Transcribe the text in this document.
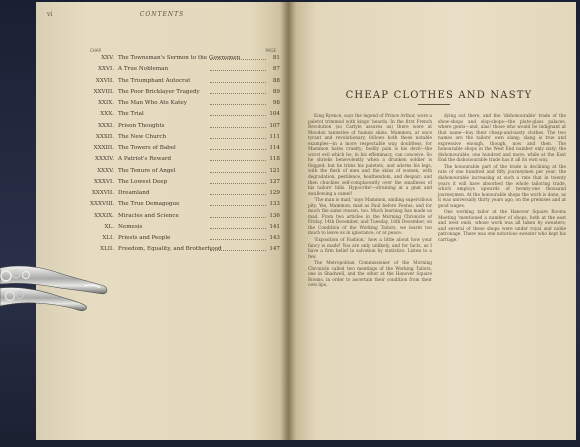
vi	CONTENTS
CHAP.	PAGE
XXV. The Townsman's Sermon to the Gownsmen	81
XXVI. A True Nobleman	87
XXVII. The Triumphant Autocrat	88
XXVIII. The Poor Bricklayer Tragedy	89
XXIX. The Man Who Ate Katey	98
XXX. The Trial	104
XXXI. Prison Thoughts	107
XXXII. The New Church	111
XXXIII. The Towers of Babel	114
XXXIV. A Patriot's Reward	118
XXXV. The Tenure of Angel	121
XXXVI. The Lowest Deep	127
XXXVII. Dreamland	129
XXXVIII. The True Demagogue	133
XXXIX. Miracles and Science	136
XL. Nemesis	141
XLI. Priests and People	143
XLII. Freedom, Equality, and Brotherhood	147
CHEAP CLOTHES AND NASTY

King Ryence, says the legend of Prince Arthur, wore a paletot trimmed with kings' beards. In the first French Revolution (so Carlyle assures us) there were at Meudon tanneries of human skins. Mammon, at once tyrant and revolutionary, follows both these notable examples—in a more respectable way, doubtless, for Mammon hates cruelty; bodily pain is his devil—the worst evil which he, in his effeminacy, can conceive. So he shrieks benevolently when a drunken soldier is flogged; but he trims his paletots, and adorns his legs, with the flesh of men and the skins of women, with degradation, pestilence, heathendom, and despair; and then chuckles self-complacently over the smallness of his tailors' bills. Hypocrite!—straining at a gnat and swallowing a camel!

'The man is mad,' says Mammon, smiling supercilious pity. Yes, Mammon; mad as Paul before Festus; and for much the same reason, too. Much learning has made us mad. From two articles in the Morning Chronicle of Friday, 14th December, and Tuesday, 18th December, on the Condition of the Working Tailors, we learnt too much to leave us in ignorance, or at peace.

'Exposition of Fashion,' how a little about how your fancy is made! You are only unlikely, and for facts, as I have a firm belief in salvation by statistics. Listen to a few.

The Metropolitan Commissioner of the Morning Chronicle called two meetings of the Working Tailors, one in Shadwell, and the other at the Hanover Square Rooms, in order to ascertain their condition from their own lips.

dying out there, and the 'dishonourable' trade of the show-shops and slop-shops—the plate-glass palaces, where gents—and, alas! those who would be indignant at that name—buy their cheap-and-nasty clothes. The two names are the tailors' own slang; slang is true and expressive enough, though, now and then. The honourable shops in the West End number only sixty; the dishonourable, one hundred and more; while at the East End the dishonourable trade has it all its own way.

The honourable part of the trade is declining at the rate of one hundred and fifty journeymen per year; the dishonourable increasing at such a rate that in twenty years it will have absorbed the whole tailoring trade, which employs upwards of twenty-one thousand journeymen. At the honourable shops the work is done, as it was universally thirty years ago, on the premises and at good wages.

One working tailor at the Hanover Square Rooms Meeting 'mentioned a number of shops, both at the east and west ends, whose work was all taken by sweaters; and several of these shops were under royal and noble patronage. There was one notorious sweater who kept his carriage.'
